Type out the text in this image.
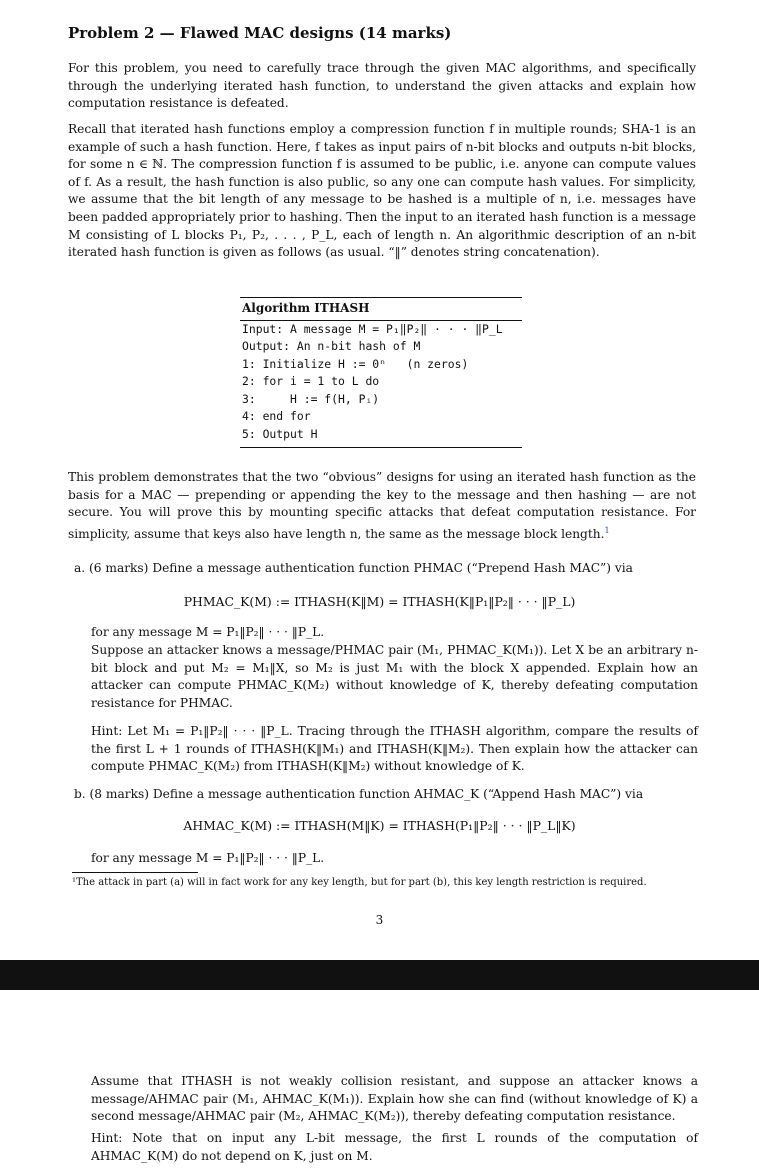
Problem 2 — Flawed MAC designs (14 marks)

For this problem, you need to carefully trace through the given MAC algorithms, and specifically through the underlying iterated hash function, to understand the given attacks and explain how computation resistance is defeated.

Recall that iterated hash functions employ a compression function f in multiple rounds; SHA-1 is an example of such a hash function. Here, f takes as input pairs of n-bit blocks and outputs n-bit blocks, for some n ∈ ℕ. The compression function f is assumed to be public, i.e. anyone can compute values of f. As a result, the hash function is also public, so any one can compute hash values. For simplicity, we assume that the bit length of any message to be hashed is a multiple of n, i.e. messages have been padded appropriately prior to hashing. Then the input to an iterated hash function is a message M consisting of L blocks P₁, P₂, . . . , P_L, each of length n. An algorithmic description of an n-bit iterated hash function is given as follows (as usual. “‖” denotes string concatenation).

Algorithm ITHASH
Input: A message M = P₁‖P₂‖ · · · ‖P_L
Output: An n-bit hash of M
1: Initialize H := 0ⁿ   (n zeros)
2: for i = 1 to L do
3:     H := f(H, Pᵢ)
4: end for
5: Output H

This problem demonstrates that the two “obvious” designs for using an iterated hash function as the basis for a MAC — prepending or appending the key to the message and then hashing — are not secure. You will prove this by mounting specific attacks that defeat computation resistance. For simplicity, assume that keys also have length n, the same as the message block length.$^1$

a. (6 marks) Define a message authentication function PHMAC (“Prepend Hash MAC”) via

PHMAC_K(M) := ITHASH(K‖M) = ITHASH(K‖P₁‖P₂‖ · · · ‖P_L)

for any message M = P₁‖P₂‖ · · · ‖P_L.

Suppose an attacker knows a message/PHMAC pair (M₁, PHMAC_K(M₁)). Let X be an arbitrary n-bit block and put M₂ = M₁‖X, so M₂ is just M₁ with the block X appended. Explain how an attacker can compute PHMAC_K(M₂) without knowledge of K, thereby defeating computation resistance for PHMAC.

Hint: Let M₁ = P₁‖P₂‖ · · · ‖P_L. Tracing through the ITHASH algorithm, compare the results of the first L + 1 rounds of ITHASH(K‖M₁) and ITHASH(K‖M₂). Then explain how the attacker can compute PHMAC_K(M₂) from ITHASH(K‖M₂) without knowledge of K.

b. (8 marks) Define a message authentication function AHMAC_K (“Append Hash MAC”) via

AHMAC_K(M) := ITHASH(M‖K) = ITHASH(P₁‖P₂‖ · · · ‖P_L‖K)

for any message M = P₁‖P₂‖ · · · ‖P_L.

¹The attack in part (a) will in fact work for any key length, but for part (b), this key length restriction is required.
3

Assume that ITHASH is not weakly collision resistant, and suppose an attacker knows a message/AHMAC pair (M₁, AHMAC_K(M₁)). Explain how she can find (without knowledge of K) a second message/AHMAC pair (M₂, AHMAC_K(M₂)), thereby defeating computation resistance.

Hint: Note that on input any L-bit message, the first L rounds of the computation of AHMAC_K(M) do not depend on K, just on M.
